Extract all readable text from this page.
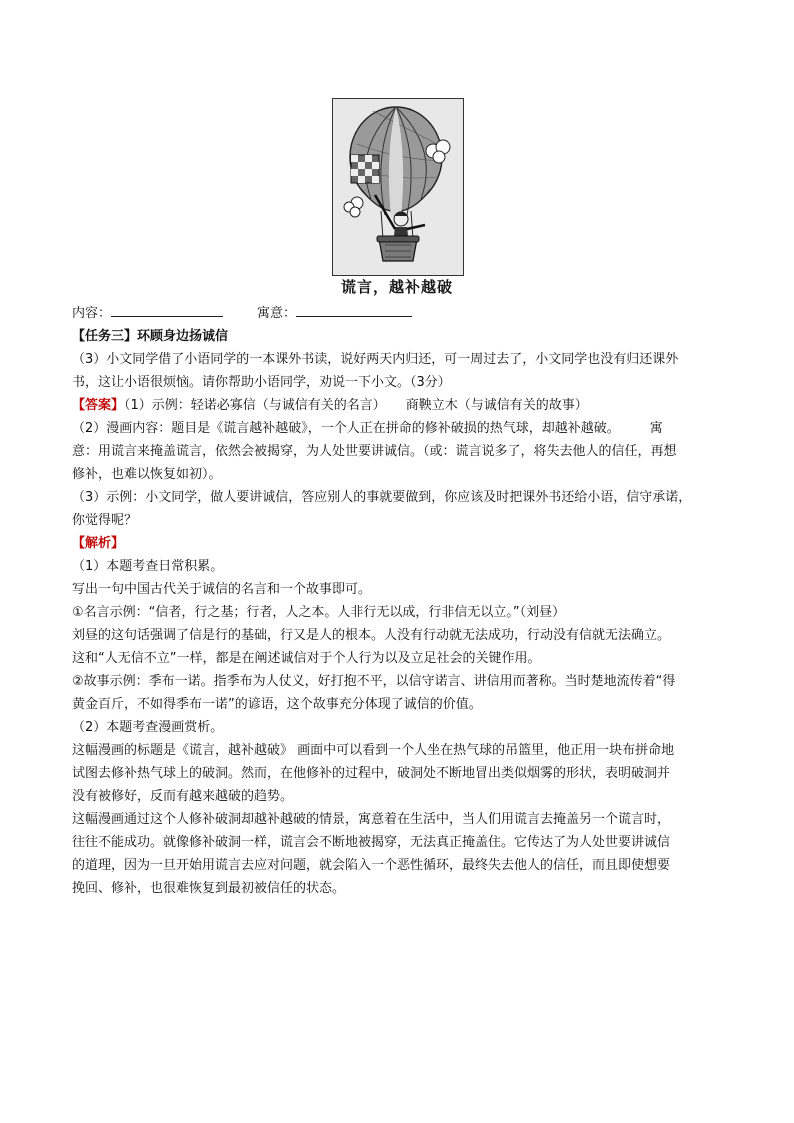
谎言，越补越破

内容：	寓意：

【任务三】环顾身边扬诚信

（3）小文同学借了小语同学的一本课外书读，说好两天内归还，可一周过去了，小文同学也没有归还课外

书，这让小语很烦恼。请你帮助小语同学，劝说一下小文。（3分）

【答案】（1）示例：轻诺必寡信（与诚信有关的名言） 商鞅立木（与诚信有关的故事）

（2）漫画内容：题目是《谎言越补越破》，一个人正在拼命的修补破损的热气球，却越补越破。 寓

意：用谎言来掩盖谎言，依然会被揭穿，为人处世要讲诚信。（或：谎言说多了，将失去他人的信任，再想

修补，也难以恢复如初）。

（3）示例：小文同学，做人要讲诚信，答应别人的事就要做到，你应该及时把课外书还给小语，信守承诺，

你觉得呢？

【解析】

（1）本题考查日常积累。

写出一句中国古代关于诚信的名言和一个故事即可。

①名言示例：“信者，行之基；行者，人之本。人非行无以成，行非信无以立。”（刘昼）

刘昼的这句话强调了信是行的基础，行又是人的根本。人没有行动就无法成功，行动没有信就无法确立。

这和“人无信不立”一样，都是在阐述诚信对于个人行为以及立足社会的关键作用。

②故事示例：季布一诺。指季布为人仗义，好打抱不平，以信守诺言、讲信用而著称。当时楚地流传着“得

黄金百斤，不如得季布一诺”的谚语，这个故事充分体现了诚信的价值。

（2）本题考查漫画赏析。

这幅漫画的标题是《谎言，越补越破》 画面中可以看到一个人坐在热气球的吊篮里，他正用一块布拼命地

试图去修补热气球上的破洞。然而，在他修补的过程中，破洞处不断地冒出类似烟雾的形状，表明破洞并

没有被修好，反而有越来越破的趋势。

这幅漫画通过这个人修补破洞却越补越破的情景，寓意着在生活中，当人们用谎言去掩盖另一个谎言时，

往往不能成功。就像修补破洞一样，谎言会不断地被揭穿，无法真正掩盖住。它传达了为人处世要讲诚信

的道理，因为一旦开始用谎言去应对问题，就会陷入一个恶性循环，最终失去他人的信任，而且即使想要

挽回、修补，也很难恢复到最初被信任的状态。
